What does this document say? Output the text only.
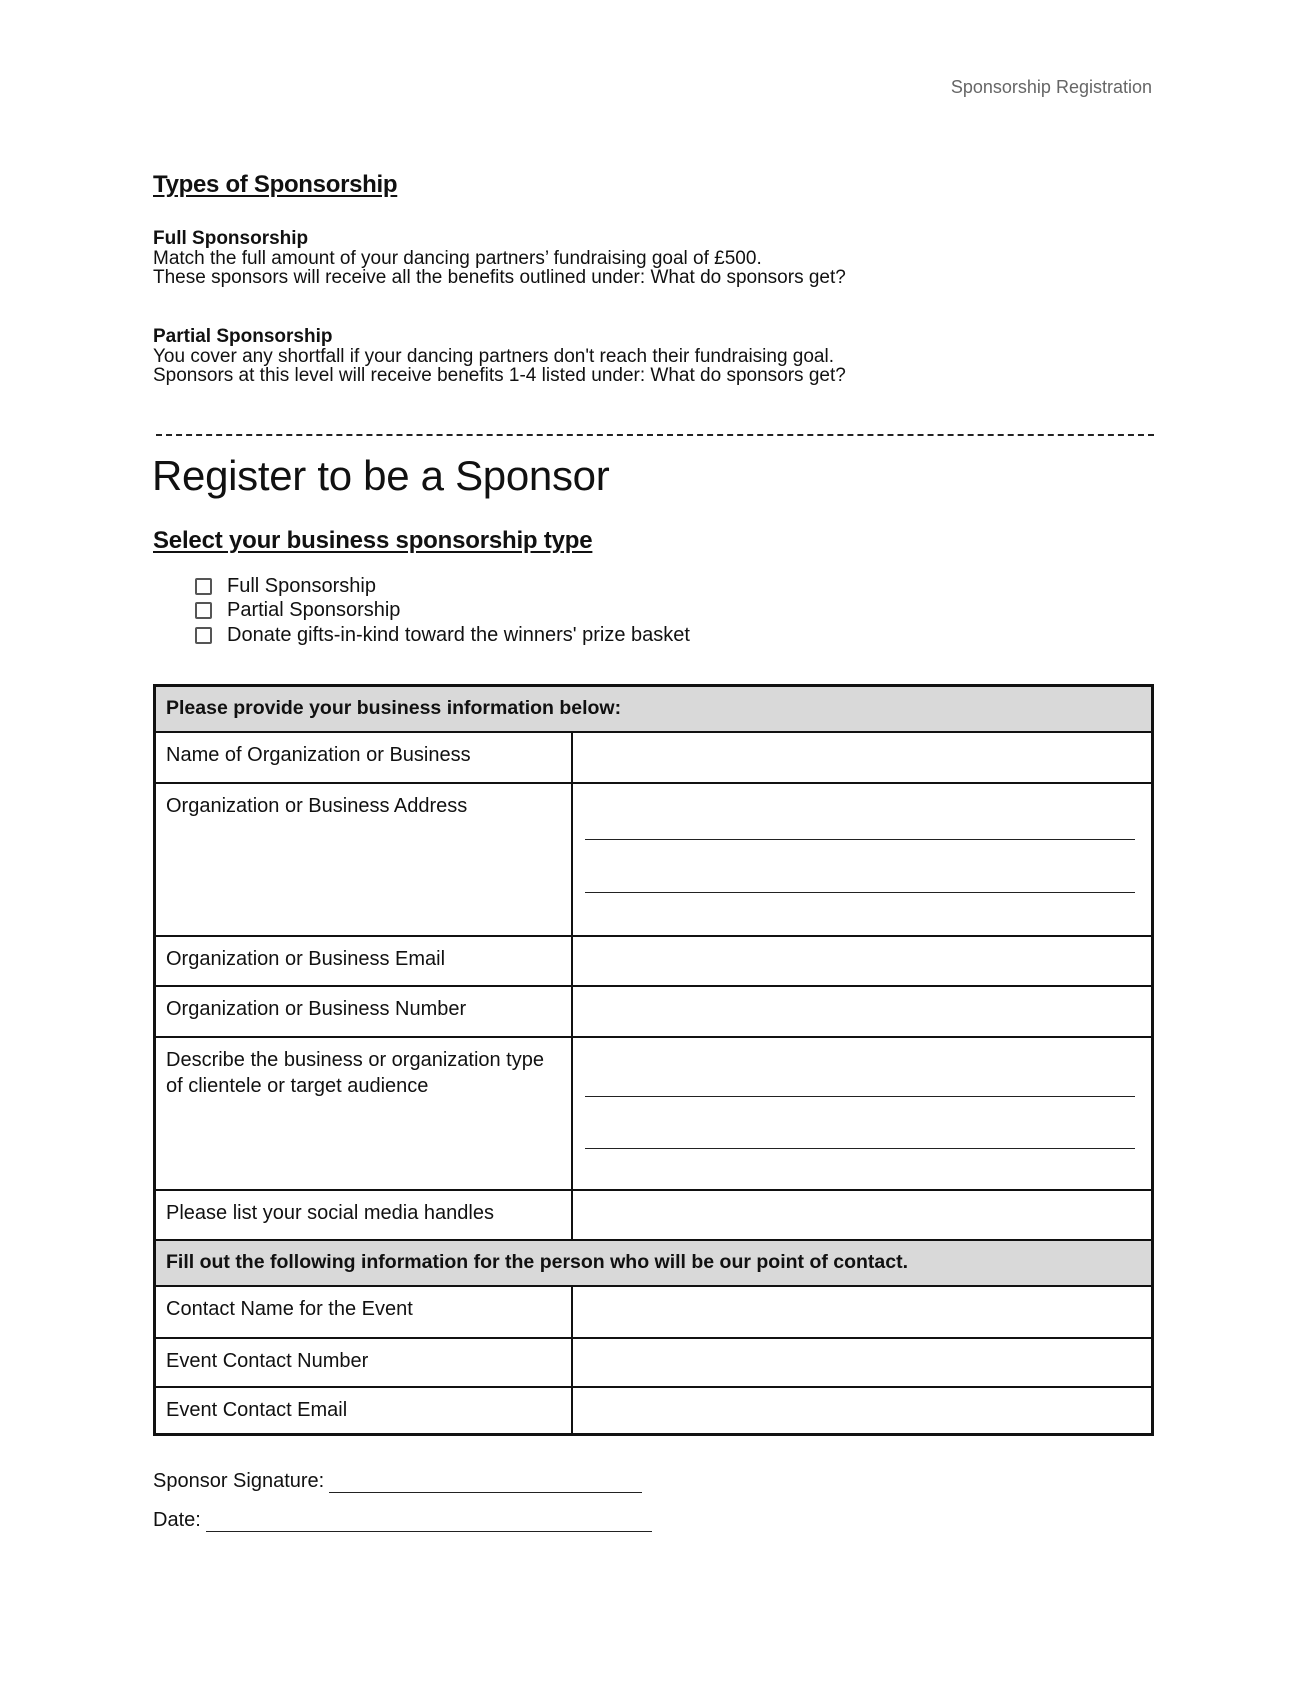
Sponsorship Registration
Types of Sponsorship
Full Sponsorship
Match the full amount of your dancing partners’ fundraising goal of £500.
These sponsors will receive all the benefits outlined under: What do sponsors get?
Partial Sponsorship
You cover any shortfall if your dancing partners don't reach their fundraising goal.
Sponsors at this level will receive benefits 1-4 listed under: What do sponsors get?
Register to be a Sponsor
Select your business sponsorship type
Full Sponsorship
Partial Sponsorship
Donate gifts-in-kind toward the winners' prize basket
Please provide your business information below:	
Name of Organization or Business	
Organization or Business Address	

Organization or Business Email	
Organization or Business Number	
Describe the business or organization type of clientele or target audience	

Please list your social media handles	
Fill out the following information for the person who will be our point of contact.	
Contact Name for the Event	
Event Contact Number	
Event Contact Email	
Sponsor Signature:
Date:
